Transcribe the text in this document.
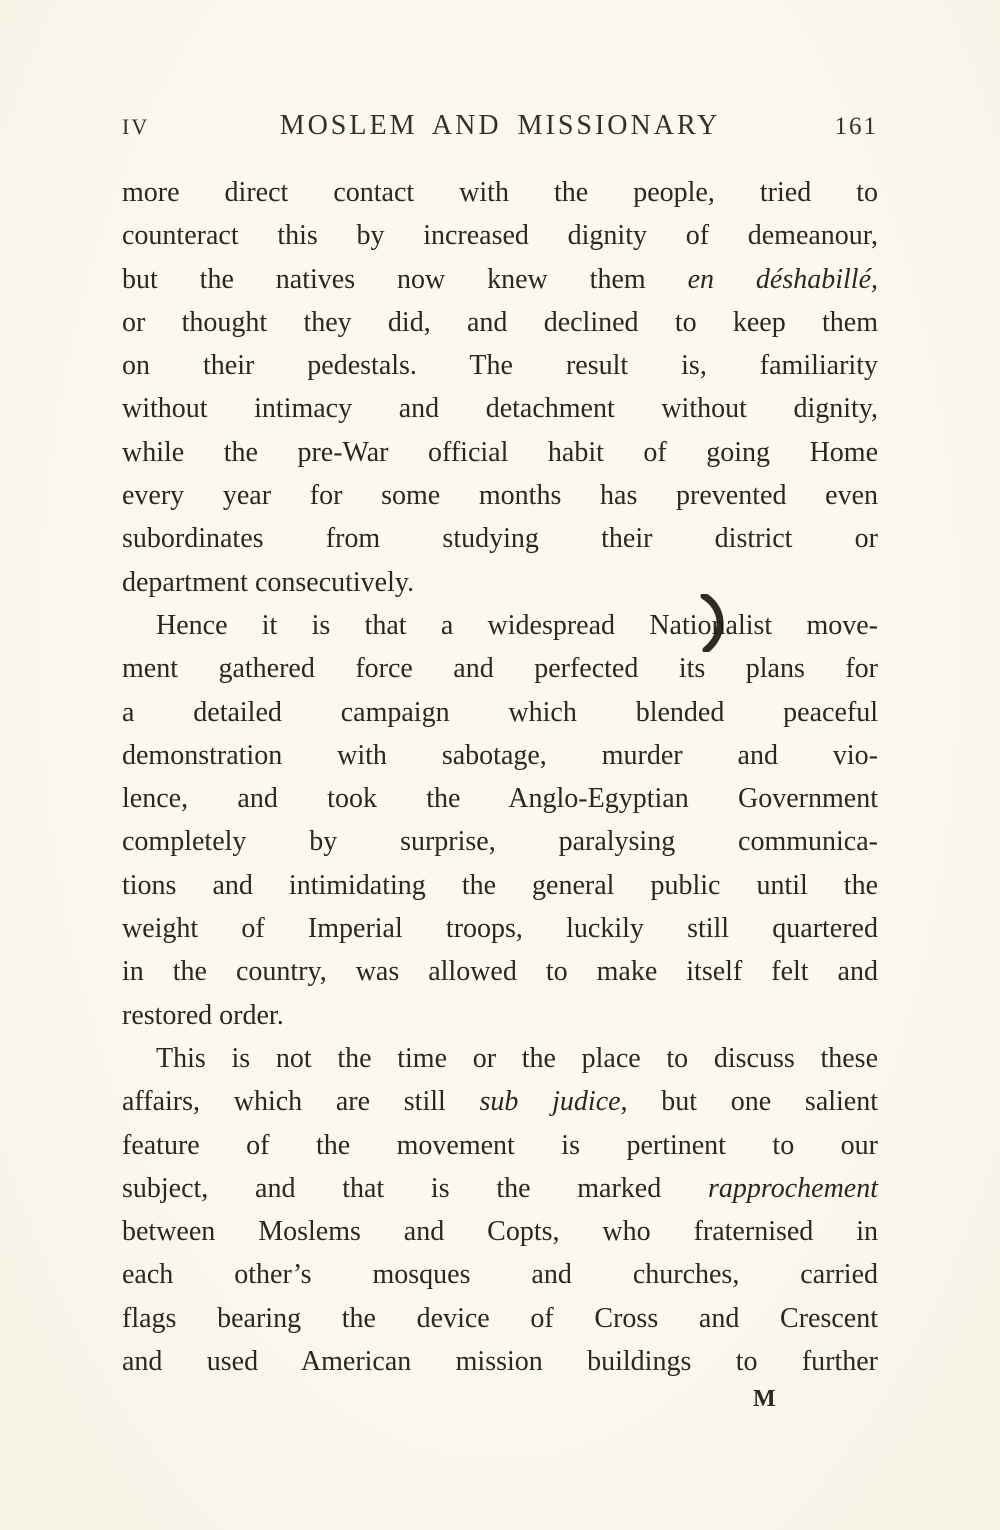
IV	MOSLEM AND MISSIONARY	161
more direct contact with the people, tried to
counteract this by increased dignity of demeanour,
but the natives now knew them en déshabillé,
or thought they did, and declined to keep them
on their pedestals. The result is, familiarity
without intimacy and detachment without dignity,
while the pre-War official habit of going Home
every year for some months has prevented even
subordinates from studying their district or
department consecutively.
Hence it is that a widespread Nationalist move-
ment gathered force and perfected its plans for
a detailed campaign which blended peaceful
demonstration with sabotage, murder and vio-
lence, and took the Anglo-Egyptian Government
completely by surprise, paralysing communica-
tions and intimidating the general public until the
weight of Imperial troops, luckily still quartered
in the country, was allowed to make itself felt and
restored order.
This is not the time or the place to discuss these
affairs, which are still sub judice, but one salient
feature of the movement is pertinent to our
subject, and that is the marked rapprochement
between Moslems and Copts, who fraternised in
each other’s mosques and churches, carried
flags bearing the device of Cross and Crescent
and used American mission buildings to further
M
